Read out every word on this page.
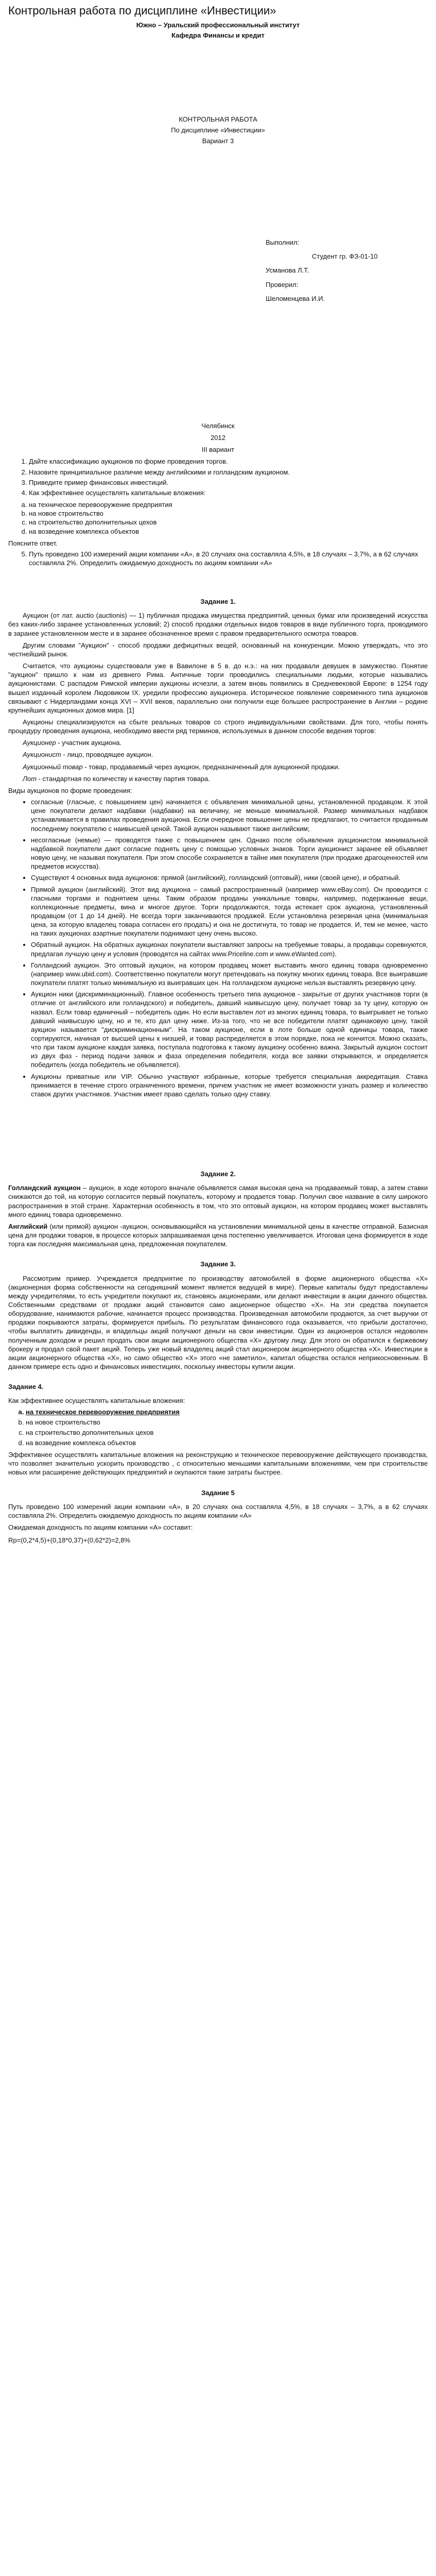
Контрольная работа по дисциплине «Инвестиции»
Южно – Уральский профессиональный институт
Кафедра Финансы и кредит
КОНТРОЛЬНАЯ РАБОТА
По дисциплине «Инвестиции»
Вариант 3
Выполнил:
Студент гр. ФЗ-01-10
Усманова Л.Т.
Проверил:
Шеломенцева И.И.
Челябинск
2012
III вариант
1. Дайте классификацию аукционов по форме проведения торгов.
2. Назовите принципиальное различие между английскими и голландским аукционом.
3. Приведите пример финансовых инвестиций.
4. Как эффективнее осуществлять капитальные вложения:
a. на техническое перевооружение предприятия
b. на новое строительство
c. на строительство дополнительных цехов
d. на возведение комплекса объектов
Поясните ответ.
5. Путь проведено 100 измерений акции компании «А», в 20 случаях она составляла 4,5%, в 18 случаях – 3,7%, а в 62 случаях составляла 2%. Определить ожидаемую доходность по акциям компании «А»
Задание 1.

Аукцион (от лат. auctio (auctionis) — 1) публичная продажа имущества предприятий, ценных бумаг или произведений искусства без каких-либо заранее установленных условий; 2) способ продажи отдельных видов товаров в виде публичного торга, проводимого в заранее установленном месте и в заранее обозначенное время с правом предварительного осмотра товаров.

Другим словами "Аукцион" - способ продажи дефицитных вещей, основанный на конкуренции. Можно утверждать, что это честнейший рынок.

Считается, что аукционы существовали уже в Вавилоне в 5 в. до н.э.: на них продавали девушек в замужество. Понятие "аукцион" пришло к нам из древнего Рима. Античные торги проводились специальными людьми, которые назывались аукционистами. С распадом Римской империи аукционы исчезли, а затем вновь появились в Средневековой Европе: в 1254 году вышел изданный королем Людовиком IX. уредили профессию аукционера. Историческое появление современного типа аукционов связывают с Нидерландами конца XVI – XVII веков, параллельно они получили еще большее распространение в Англии – родине крупнейших аукционных домов мира. [1]

Аукционы специализируются на сбыте реальных товаров со строго индивидуальными свойствами. Для того, чтобы понять процедуру проведения аукциона, необходимо ввести ряд терминов, используемых в данном способе ведения торгов:

Аукционер - участник аукциона.

Аукционист - лицо, проводящее аукцион.

Аукционный товар - товар, продаваемый через аукцион, предназначенный для аукционной продажи.

Лот - стандартная по количеству и качеству партия товара.

Виды аукционов по форме проведения:
• согласные (гласные, с повышением цен) начинается с объявления минимальной цены, установленной продавцом. К этой цене покупатели делают надбавки (надбавки) на величину, не меньше минимальной. Размер минимальных надбавок устанавливается в правилах проведения аукциона. Если очередное повышение цены не предлагают, то считается проданным последнему покупателю с наивысшей ценой. Такой аукцион называют также английским;
• несогласные (немые) — проводятся также с повышением цен. Однако после объявления аукционистом минимальной надбавкой покупатели дают согласие поднять цену с помощью условных знаков. Торги аукционист заранее ей объявляет новую цену, не называя покупателя. При этом способе сохраняется в тайне имя покупателя (при продаже драгоценностей или предметов искусства).
• Существуют 4 основных вида аукционов: прямой (английский), голландский (оптовый), ники (своей цене), и обратный.
• Прямой аукцион (английский). Этот вид аукциона – самый распространенный (например www.eBay.com). Он проводится с гласными торгами и поднятием цены. Таким образом проданы уникальные товары, например, подержанные вещи, коллекционные предметы, вина и многое другое. Торги продолжаются, тогда истекает срок аукциона, установленный продавцом (от 1 до 14 дней). Не всегда торги заканчиваются продажей. Если установлена резервная цена (минимальная цена, за которую владелец товара согласен его продать) и она не достигнута, то товар не продается. И, тем не менее, часто на таких аукционах азартные покупатели поднимают цену очень высоко.
• Обратный аукцион. На обратных аукционах покупатели выставляют запросы на требуемые товары, а продавцы соревнуются, предлагая лучшую цену и условия (проводятся на сайтах www.Priceline.com и www.eWanted.com).
• Голландский аукцион. Это оптовый аукцион, на котором продавец может выставить много единиц товара одновременно (например www.ubid.com). Соответственно покупатели могут претендовать на покупку многих единиц товара. Все выигравшие покупатели платят только минимальную из выигравших цен. На голландском аукционе нельзя выставлять резервную цену.
• Аукцион ники (дискриминационный). Главное особенность третьего типа аукционов - закрытые от других участников торги (в отличие от английского или голландского) и победитель, давший наивысшую цену, получает товар за ту цену, которую он назвал. Если товар единичный – победитель один. Но если выставлен лот из многих единиц товара, то выигрывает не только давший наивысшую цену, но и те, кто дал цену ниже. Из-за того, что не все победители платят одинаковую цену, такой аукцион называется "дискриминационным". На таком аукционе, если в лоте больше одной единицы товара, также сортируются, начиная от высшей цены к низшей, и товар распределяется в этом порядке, пока не кончится. Можно сказать, что при таком аукционе каждая заявка, поступала подготовка к такому аукциону особенно важна. Закрытый аукцион состоит из двух фаз - период подачи заявок и фаза определения победителя, когда все заявки открываются, и определяется победитель (когда победитель не объявляется).
• Аукционы приватные или VIP. Обычно участвуют избранные, которые требуется специальная аккредитация. Ставка принимается в течение строго ограниченного времени, причем участник не имеет возможности узнать размер и количество ставок других участников. Участник имеет право сделать только одну ставку.
Задание 2.

Голландский аукцион – аукцион, в ходе которого вначале объявляется самая высокая цена на продаваемый товар, а затем ставки снижаются до той, на которую согласится первый покупатель, которому и продается товар. Получил свое название в силу широкого распространения в этой стране. Характерная особенность в том, что это оптовый аукцион, на котором продавец может выставлять много единиц товара одновременно.

Английский (или прямой) аукцион -аукцион, основывающийся на установлении минимальной цены в качестве отправной. Базисная цена для продажи товаров, в процессе которых запрашиваемая цена постепенно увеличивается. Итоговая цена формируется в ходе торга как последняя максимальная цена, предложенная покупателем.

Задание 3.

Рассмотрим пример. Учреждается предприятие по производству автомобилей в форме акционерного общества «Х» (акционерная форма собственности на сегодняшний момент является ведущей в мире). Первые капиталы будут предоставлены между учредителями, то есть учредители покупают их, становясь акционерами, или делают инвестиции в акции данного общества. Собственными средствами от продажи акций становится само акционерное общество «Х». На эти средства покупается оборудование, нанимаются рабочие, начинается процесс производства. Произведенная автомобили продаются, за счет выручки от продажи покрываются затраты, формируется прибыль. По результатам финансового года оказывается, что прибыли достаточно, чтобы выплатить дивиденды, и владельцы акций получают деньги на свои инвестиции. Один из акционеров остался недоволен полученным доходом и решил продать свои акции акционерного общества «Х» другому лицу. Для этого он обратился к биржевому брокеру и продал свой пакет акций. Теперь уже новый владелец акций стал акционером акционерного общества «Х». Инвестиции в акции акционерного общества «Х», но само общество «Х» этого «не заметило», капитал общества остался неприкосновенным. В данном примере есть одно и финансовых инвестициях, поскольку инвесторы купили акции.

Задание 4.
Как эффективнее осуществлять капитальные вложения:
a. на техническое перевооружение предприятия
b. на новое строительство
c. на строительство дополнительных цехов
d. на возведение комплекса объектов

Эффективнее осуществлять капитальные вложения на реконструкцию и техническое перевооружение действующего производства, что позволяет значительно ускорить производство , с относительно меньшими капитальными вложениями, чем при строительстве новых или расширение действующих предприятий и окупаются такие затраты быстрее.

Задание 5

Путь проведено 100 измерений акции компании «А», в 20 случаях она составляла 4,5%, в 18 случаях – 3,7%, а в 62 случаях составляла 2%. Определить ожидаемую доходность по акциям компании «А»

Ожидаемая доходность по акциям компании «А» составит:

Rp=(0,2*4,5)+(0,18*0,37)+(0,62*2)=2,8%
